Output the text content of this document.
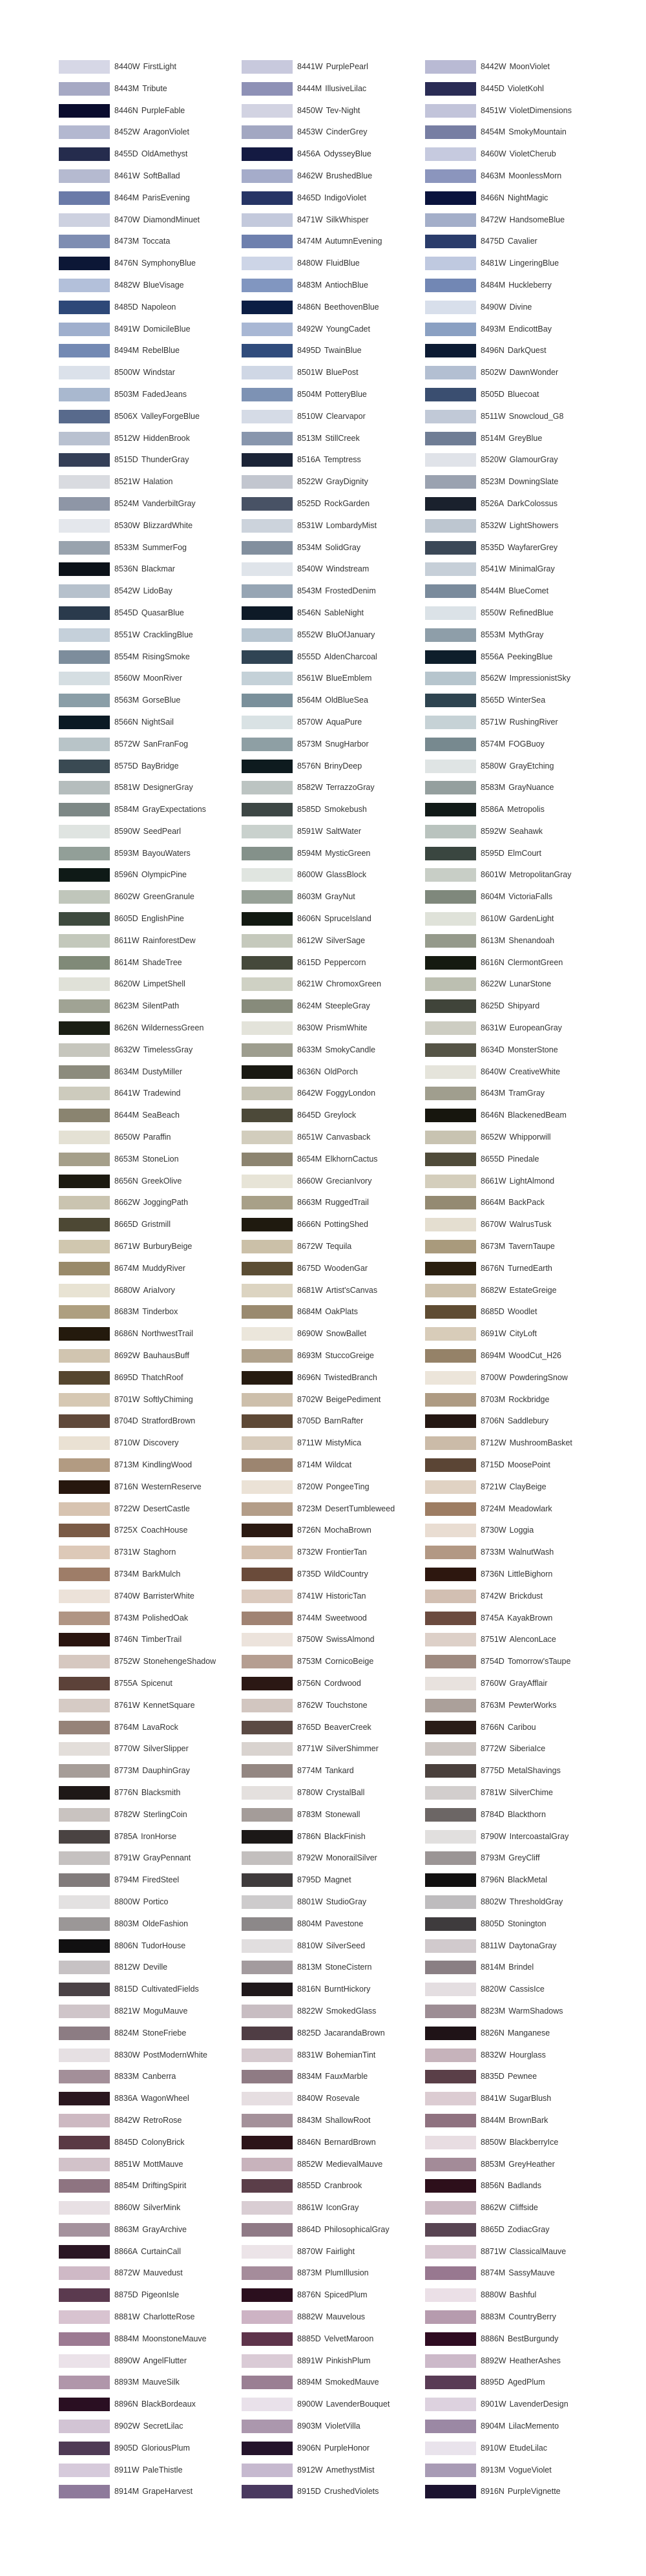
8440W FirstLight
8443M Tribute
8446N PurpleFable
8452W AragonViolet
8455D OldAmethyst
8461W SoftBallad
8464M ParisEvening
8470W DiamondMinuet
8473M Toccata
8476N SymphonyBlue
8482W BlueVisage
8485D Napoleon
8491W DomicileBlue
8494M RebelBlue
8500W Windstar
8503M FadedJeans
8506X ValleyForgeBlue
8512W HiddenBrook
8515D ThunderGray
8521W Halation
8524M VanderbiltGray
8530W BlizzardWhite
8533M SummerFog
8536N Blackmar
8542W LidoBay
8545D QuasarBlue
8551W CracklingBlue
8554M RisingSmoke
8560W MoonRiver
8563M GorseBlue
8566N NightSail
8572W SanFranFog
8575D BayBridge
8581W DesignerGray
8584M GrayExpectations
8590W SeedPearl
8593M BayouWaters
8596N OlympicPine
8602W GreenGranule
8605D EnglishPine
8611W RainforestDew
8614M ShadeTree
8620W LimpetShell
8623M SilentPath
8626N WildernessGreen
8632W TimelessGray
8634M DustyMiller
8641W Tradewind
8644M SeaBeach
8650W Paraffin
8653M StoneLion
8656N GreekOlive
8662W JoggingPath
8665D Gristmill
8671W BurburyBeige
8674M MuddyRiver
8680W AriaIvory
8683M Tinderbox
8686N NorthwestTrail
8692W BauhausBuff
8695D ThatchRoof
8701W SoftlyChiming
8704D StratfordBrown
8710W Discovery
8713M KindlingWood
8716N WesternReserve
8722W DesertCastle
8725X CoachHouse
8731W Staghorn
8734M BarkMulch
8740W BarristerWhite
8743M PolishedOak
8746N TimberTrail
8752W StonehengeShadow
8755A Spicenut
8761W KennetSquare
8764M LavaRock
8770W SilverSlipper
8773M DauphinGray
8776N Blacksmith
8782W SterlingCoin
8785A IronHorse
8791W GrayPennant
8794M FiredSteel
8800W Portico
8803M OldeFashion
8806N TudorHouse
8812W Deville
8815D CultivatedFields
8821W MoguMauve
8824M StoneFriebe
8830W PostModernWhite
8833M Canberra
8836A WagonWheel
8842W RetroRose
8845D ColonyBrick
8851W MottMauve
8854M DriftingSpirit
8860W SilverMink
8863M GrayArchive
8866A CurtainCall
8872W Mauvedust
8875D PigeonIsle
8881W CharlotteRose
8884M MoonstoneMauve
8890W AngelFlutter
8893M MauveSilk
8896N BlackBordeaux
8902W SecretLilac
8905D GloriousPlum
8911W PaleThistle
8914M GrapeHarvest
8441W PurplePearl
8444M IllusiveLilac
8450W Tev-Night
8453W CinderGrey
8456A OdysseyBlue
8462W BrushedBlue
8465D IndigoViolet
8471W SilkWhisper
8474M AutumnEvening
8480W FluidBlue
8483M AntiochBlue
8486N BeethovenBlue
8492W YoungCadet
8495D TwainBlue
8501W BluePost
8504M PotteryBlue
8510W Clearvapor
8513M StillCreek
8516A Temptress
8522W GrayDignity
8525D RockGarden
8531W LombardyMist
8534M SolidGray
8540W Windstream
8543M FrostedDenim
8546N SableNight
8552W BluOfJanuary
8555D AldenCharcoal
8561W BlueEmblem
8564M OldBlueSea
8570W AquaPure
8573M SnugHarbor
8576N BrinyDeep
8582W TerrazzoGray
8585D Smokebush
8591W SaltWater
8594M MysticGreen
8600W GlassBlock
8603M GrayNut
8606N SpruceIsland
8612W SilverSage
8615D Peppercorn
8621W ChromoxGreen
8624M SteepleGray
8630W PrismWhite
8633M SmokyCandle
8636N OldPorch
8642W FoggyLondon
8645D Greylock
8651W Canvasback
8654M ElkhornCactus
8660W GrecianIvory
8663M RuggedTrail
8666N PottingShed
8672W Tequila
8675D WoodenGar
8681W Artist'sCanvas
8684M OakPlats
8690W SnowBallet
8693M StuccoGreige
8696N TwistedBranch
8702W BeigePediment
8705D BarnRafter
8711W MistyMica
8714M Wildcat
8720W PongeeTing
8723M DesertTumbleweed
8726N MochaBrown
8732W FrontierTan
8735D WildCountry
8741W HistoricTan
8744M Sweetwood
8750W SwissAlmond
8753M CornicoBeige
8756N Cordwood
8762W Touchstone
8765D BeaverCreek
8771W SilverShimmer
8774M Tankard
8780W CrystalBall
8783M Stonewall
8786N BlackFinish
8792W MonorailSilver
8795D Magnet
8801W StudioGray
8804M Pavestone
8810W SilverSeed
8813M StoneCistern
8816N BurntHickory
8822W SmokedGlass
8825D JacarandaBrown
8831W BohemianTint
8834M FauxMarble
8840W Rosevale
8843M ShallowRoot
8846N BernardBrown
8852W MedievalMauve
8855D Cranbrook
8861W IconGray
8864D PhilosophicalGray
8870W Fairlight
8873M PlumIllusion
8876N SpicedPlum
8882W Mauvelous
8885D VelvetMaroon
8891W PinkishPlum
8894M SmokedMauve
8900W LavenderBouquet
8903M VioletVilla
8906N PurpleHonor
8912W AmethystMist
8915D CrushedViolets
8442W MoonViolet
8445D VioletKohl
8451W VioletDimensions
8454M SmokyMountain
8460W VioletCherub
8463M MoonlessMorn
8466N NightMagic
8472W HandsomeBlue
8475D Cavalier
8481W LingeringBlue
8484M Huckleberry
8490W Divine
8493M EndicottBay
8496N DarkQuest
8502W DawnWonder
8505D Bluecoat
8511W Snowcloud_G8
8514M GreyBlue
8520W GlamourGray
8523M DowningSlate
8526A DarkColossus
8532W LightShowers
8535D WayfarerGrey
8541W MinimalGray
8544M BlueComet
8550W RefinedBlue
8553M MythGray
8556A PeekingBlue
8562W ImpressionistSky
8565D WinterSea
8571W RushingRiver
8574M FOGBuoy
8580W GrayEtching
8583M GrayNuance
8586A Metropolis
8592W Seahawk
8595D ElmCourt
8601W MetropolitanGray
8604M VictoriaFalls
8610W GardenLight
8613M Shenandoah
8616N ClermontGreen
8622W LunarStone
8625D Shipyard
8631W EuropeanGray
8634D MonsterStone
8640W CreativeWhite
8643M TramGray
8646N BlackenedBeam
8652W Whipporwill
8655D Pinedale
8661W LightAlmond
8664M BackPack
8670W WalrusTusk
8673M TavernTaupe
8676N TurnedEarth
8682W EstateGreige
8685D Woodlet
8691W CityLoft
8694M WoodCut_H26
8700W PowderingSnow
8703M Rockbridge
8706N Saddlebury
8712W MushroomBasket
8715D MoosePoint
8721W ClayBeige
8724M Meadowlark
8730W Loggia
8733M WalnutWash
8736N LittleBighorn
8742W Brickdust
8745A KayakBrown
8751W AlenconLace
8754D Tomorrow'sTaupe
8760W GrayAfflair
8763M PewterWorks
8766N Caribou
8772W SiberiaIce
8775D MetalShavings
8781W SilverChime
8784D Blackthorn
8790W IntercoastalGray
8793M GreyCliff
8796N BlackMetal
8802W ThresholdGray
8805D Stonington
8811W DaytonaGray
8814M Brindel
8820W CassisIce
8823M WarmShadows
8826N Manganese
8832W Hourglass
8835D Pewnee
8841W SugarBlush
8844M BrownBark
8850W BlackberryIce
8853M GreyHeather
8856N Badlands
8862W Cliffside
8865D ZodiacGray
8871W ClassicalMauve
8874M SassyMauve
8880W Bashful
8883M CountryBerry
8886N BestBurgundy
8892W HeatherAshes
8895D AgedPlum
8901W LavenderDesign
8904M LilacMemento
8910W EtudeLilac
8913M VogueViolet
8916N PurpleVignette
